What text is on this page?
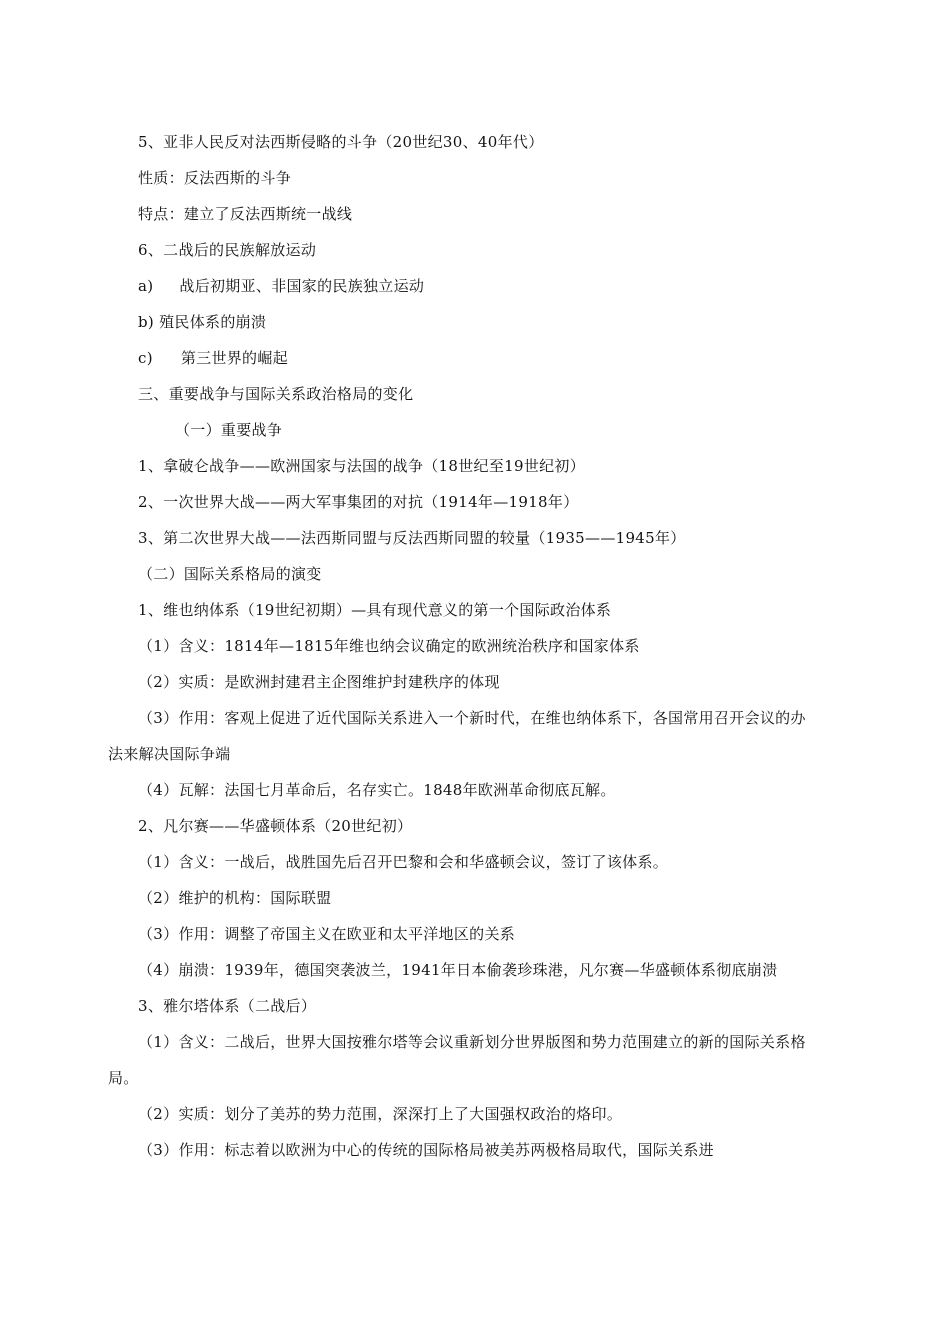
5、亚非人民反对法西斯侵略的斗争（20世纪30、40年代）
性质：反法西斯的斗争
特点：建立了反法西斯统一战线
6、二战后的民族解放运动
a) 战后初期亚、非国家的民族独立运动
b) 殖民体系的崩溃
c) 第三世界的崛起
三、重要战争与国际关系政治格局的变化
（一）重要战争
1、拿破仑战争——欧洲国家与法国的战争（18世纪至19世纪初）
2、一次世界大战——两大军事集团的对抗（1914年—1918年）
3、第二次世界大战——法西斯同盟与反法西斯同盟的较量（1935——1945年）
（二）国际关系格局的演变
1、维也纳体系（19世纪初期）—具有现代意义的第一个国际政治体系
（1）含义：1814年—1815年维也纳会议确定的欧洲统治秩序和国家体系
（2）实质：是欧洲封建君主企图维护封建秩序的体现
（3）作用：客观上促进了近代国际关系进入一个新时代，在维也纳体系下，各国常用召开会议的办法来解决国际争端
（4）瓦解：法国七月革命后，名存实亡。1848年欧洲革命彻底瓦解。
2、凡尔赛——华盛顿体系（20世纪初）
（1）含义：一战后，战胜国先后召开巴黎和会和华盛顿会议，签订了该体系。
（2）维护的机构：国际联盟
（3）作用：调整了帝国主义在欧亚和太平洋地区的关系
（4）崩溃：1939年，德国突袭波兰，1941年日本偷袭珍珠港，凡尔赛—华盛顿体系彻底崩溃
3、雅尔塔体系（二战后）
（1）含义：二战后，世界大国按雅尔塔等会议重新划分世界版图和势力范围建立的新的国际关系格局。
（2）实质：划分了美苏的势力范围，深深打上了大国强权政治的烙印。
（3）作用：标志着以欧洲为中心的传统的国际格局被美苏两极格局取代，国际关系进
